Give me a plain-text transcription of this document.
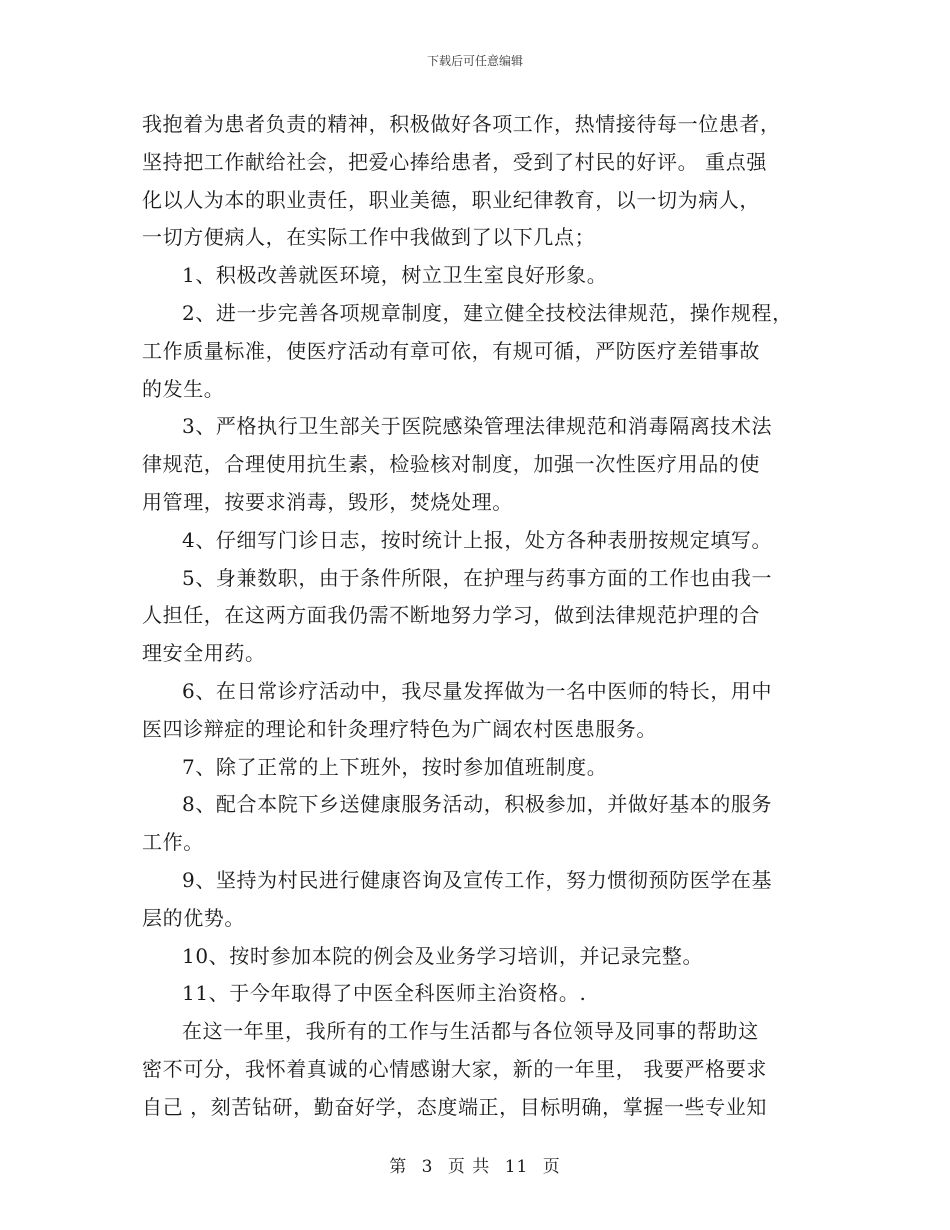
下载后可任意编辑

我抱着为患者负责的精神，积极做好各项工作，热情接待每一位患者，

坚持把工作献给社会，把爱心捧给患者，受到了村民的好评。 重点强

化以人为本的职业责任，职业美德，职业纪律教育，以一切为病人，

一切方便病人，在实际工作中我做到了以下几点；

1、积极改善就医环境，树立卫生室良好形象。

2、进一步完善各项规章制度，建立健全技校法律规范，操作规程，

工作质量标准，使医疗活动有章可依，有规可循，严防医疗差错事故

的发生。

3、严格执行卫生部关于医院感染管理法律规范和消毒隔离技术法

律规范，合理使用抗生素，检验核对制度，加强一次性医疗用品的使

用管理，按要求消毒，毁形，焚烧处理。

4、仔细写门诊日志，按时统计上报，处方各种表册按规定填写。

5、身兼数职，由于条件所限，在护理与药事方面的工作也由我一

人担任，在这两方面我仍需不断地努力学习，做到法律规范护理的合

理安全用药。

6、在日常诊疗活动中，我尽量发挥做为一名中医师的特长，用中

医四诊辩症的理论和针灸理疗特色为广阔农村医患服务。

7、除了正常的上下班外，按时参加值班制度。

8、配合本院下乡送健康服务活动，积极参加，并做好基本的服务

工作。

9、坚持为村民进行健康咨询及宣传工作，努力惯彻预防医学在基

层的优势。

10、按时参加本院的例会及业务学习培训，并记录完整。

11、于今年取得了中医全科医师主治资格。.

在这一年里，我所有的工作与生活都与各位领导及同事的帮助这

密不可分，我怀着真诚的心情感谢大家，新的一年里， 我要严格要求

自己 ，刻苦钻研，勤奋好学，态度端正，目标明确，掌握一些专业知

第 3 页 共 11 页
